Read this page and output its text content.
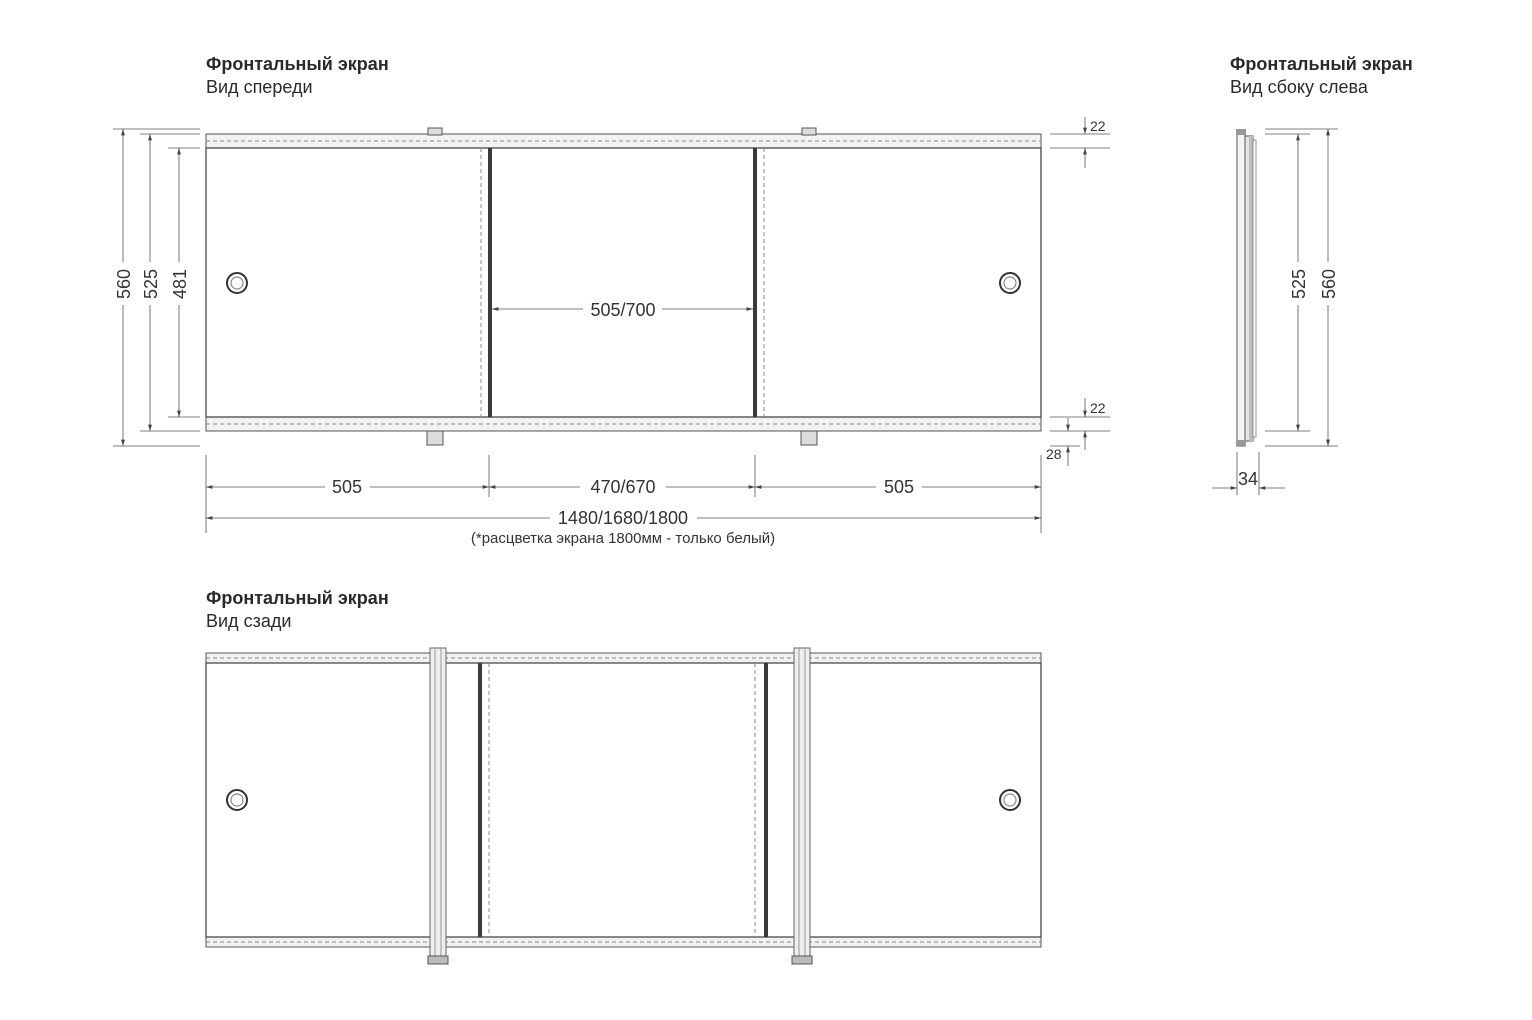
Фронтальный экран
Вид спереди
505/700
560 525 481
22
22
28
505	470/670	505
1480/1680/1800
(*расцветка экрана 1800мм - только белый)
Фронтальный экран
Вид сбоку слева
525 560
34
Фронтальный экран
Вид сзади
